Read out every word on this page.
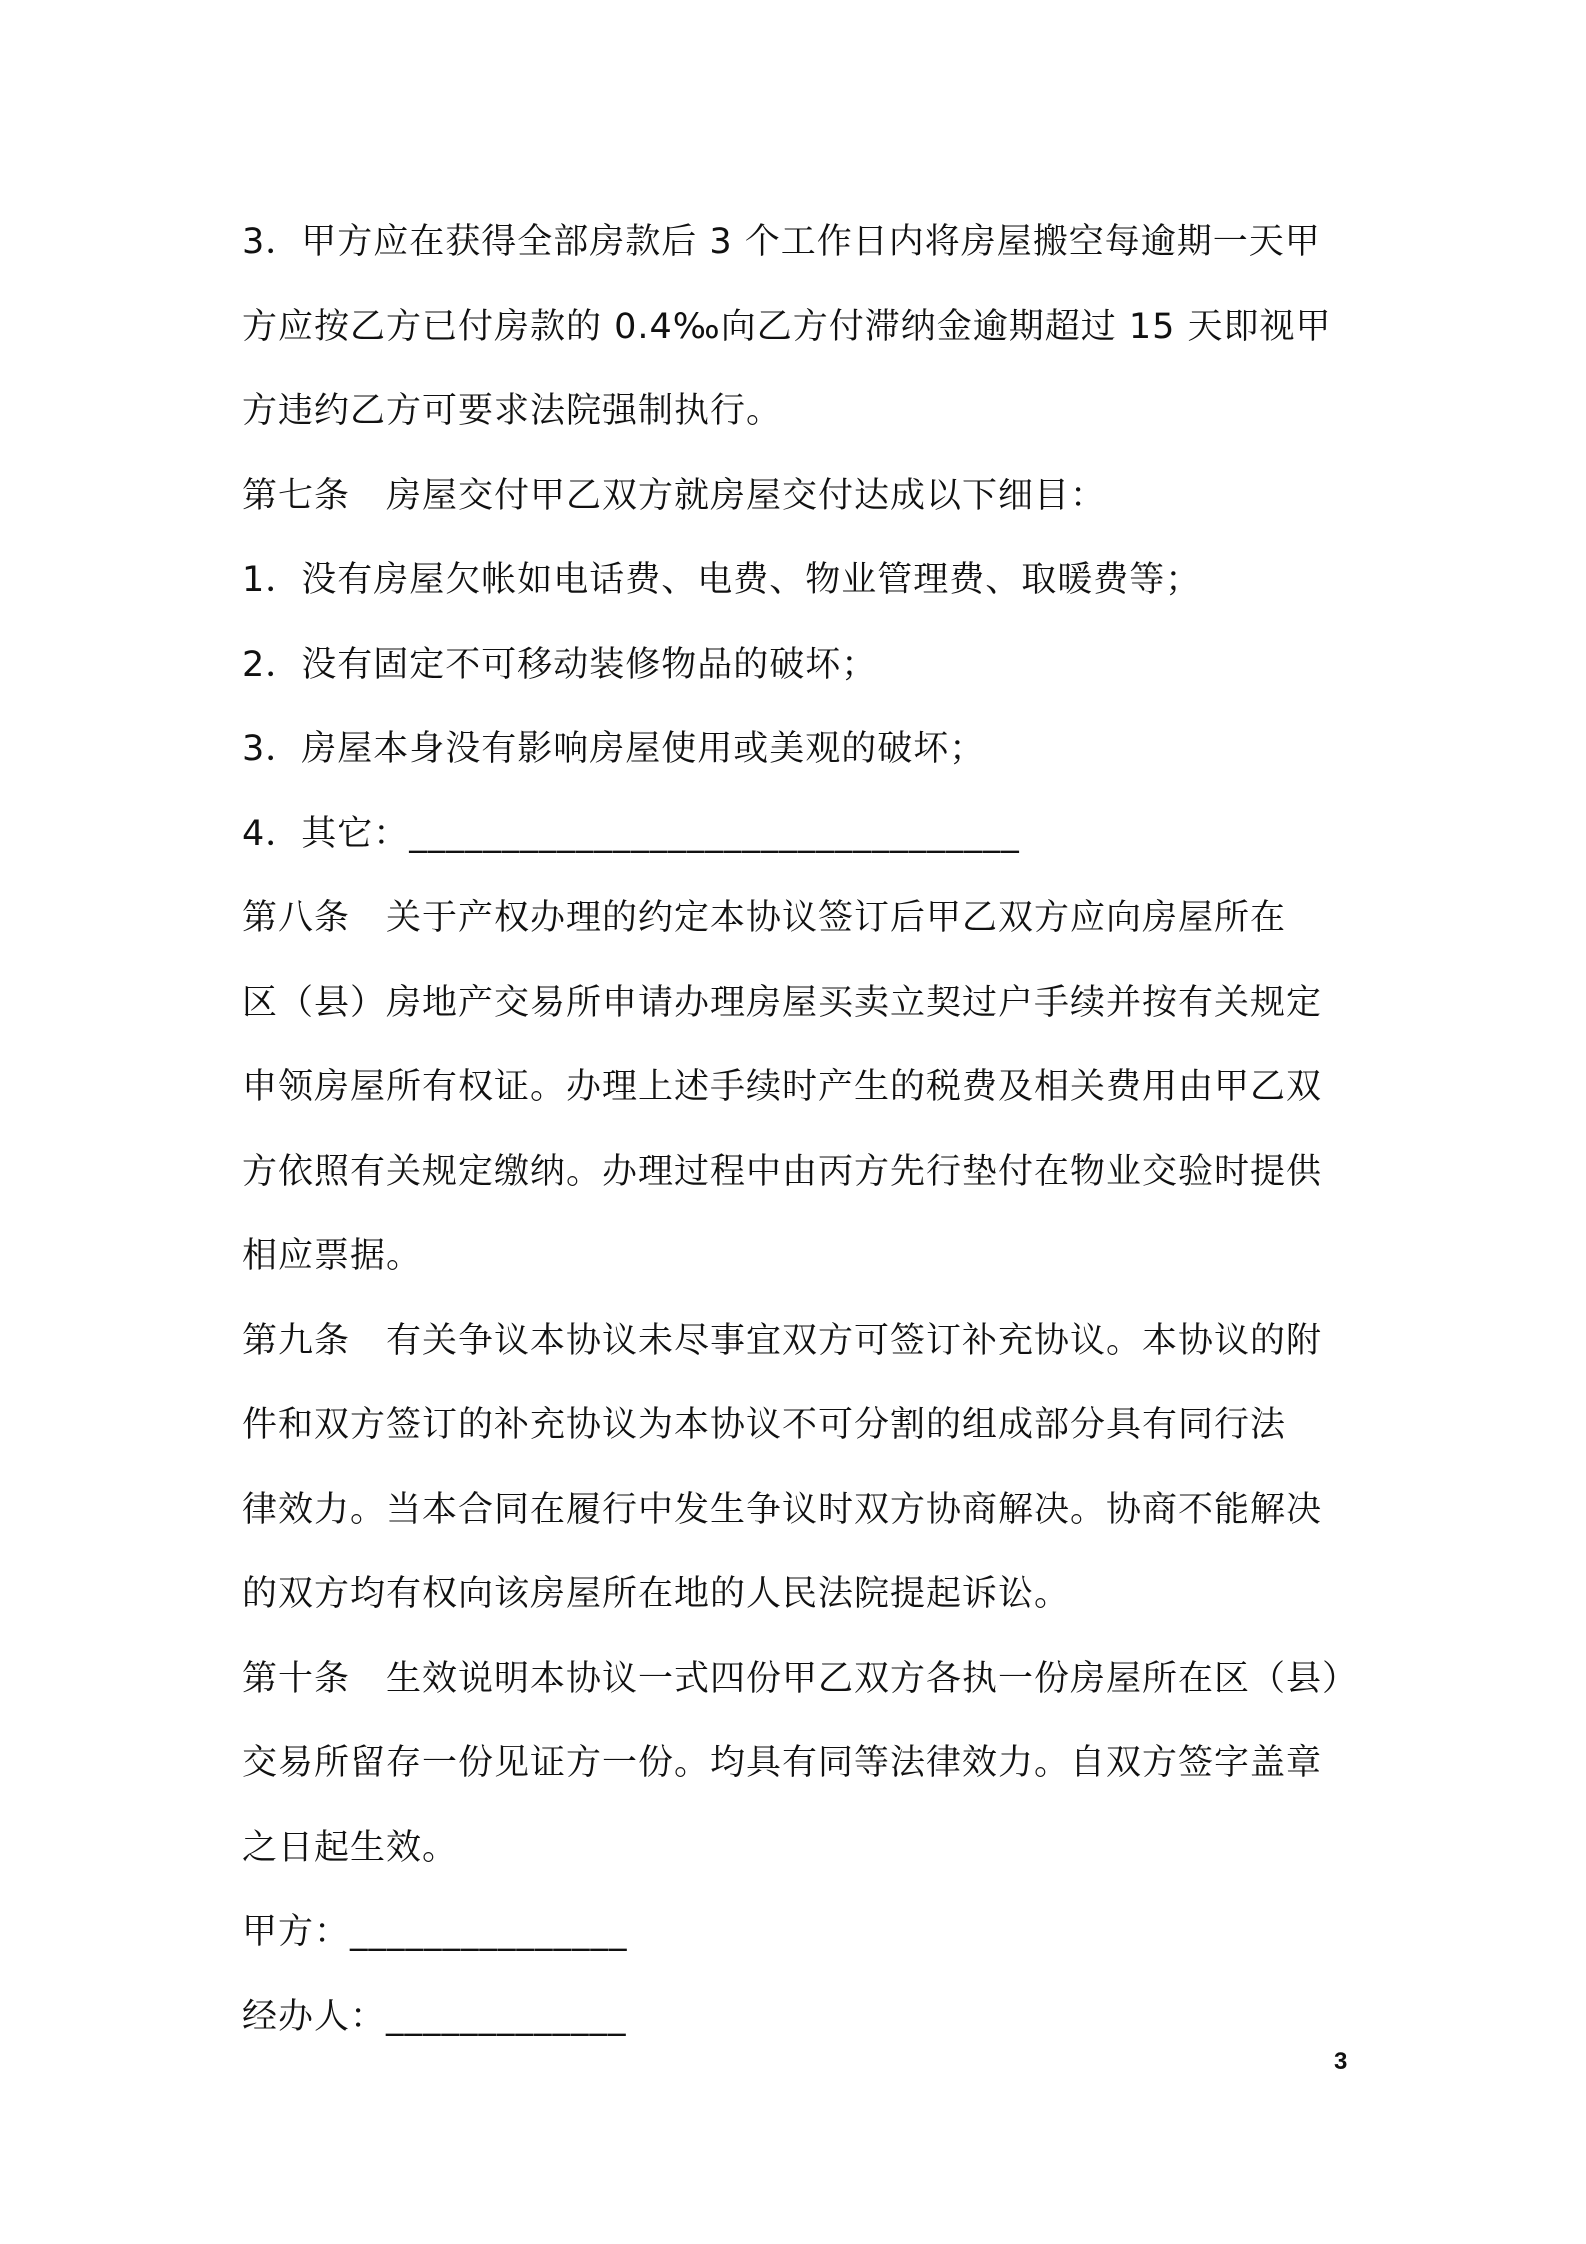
3．甲方应在获得全部房款后 3 个工作日内将房屋搬空每逾期一天甲
方应按乙方已付房款的 0.4‰向乙方付滞纳金逾期超过 15 天即视甲
方违约乙方可要求法院强制执行。
第七条　房屋交付甲乙双方就房屋交付达成以下细目：
1．没有房屋欠帐如电话费、电费、物业管理费、取暖费等；
2．没有固定不可移动装修物品的破坏；
3．房屋本身没有影响房屋使用或美观的破坏；
4．其它：_________________________________
第八条　关于产权办理的约定本协议签订后甲乙双方应向房屋所在
区（县）房地产交易所申请办理房屋买卖立契过户手续并按有关规定
申领房屋所有权证。办理上述手续时产生的税费及相关费用由甲乙双
方依照有关规定缴纳。办理过程中由丙方先行垫付在物业交验时提供
相应票据。
第九条　有关争议本协议未尽事宜双方可签订补充协议。本协议的附
件和双方签订的补充协议为本协议不可分割的组成部分具有同行法
律效力。当本合同在履行中发生争议时双方协商解决。协商不能解决
的双方均有权向该房屋所在地的人民法院提起诉讼。
第十条　生效说明本协议一式四份甲乙双方各执一份房屋所在区（县）
交易所留存一份见证方一份。均具有同等法律效力。自双方签字盖章
之日起生效。
甲方：_______________
经办人：_____________
3
